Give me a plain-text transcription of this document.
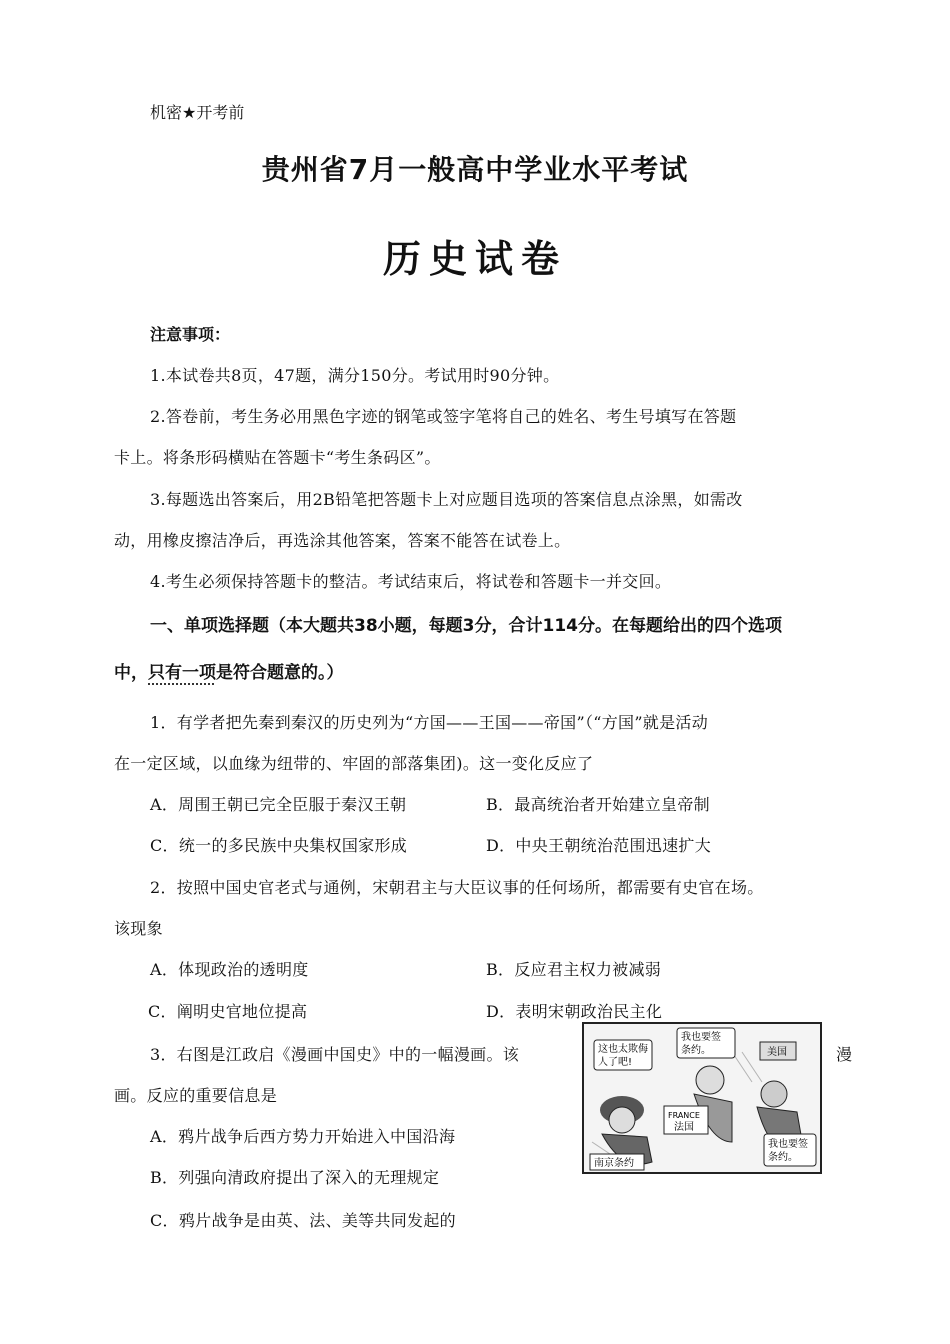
机密★开考前
贵州省7月一般高中学业水平考试
历史试卷
注意事项：
1.本试卷共8页，47题，满分150分。考试用时90分钟。
2.答卷前，考生务必用黑色字迹的钢笔或签字笔将自己的姓名、考生号填写在答题
卡上。将条形码横贴在答题卡“考生条码区”。
3.每题选出答案后，用2B铅笔把答题卡上对应题目选项的答案信息点涂黑，如需改
动，用橡皮擦洁净后，再选涂其他答案，答案不能答在试卷上。
4.考生必须保持答题卡的整洁。考试结束后，将试卷和答题卡一并交回。
一、单项选择题（本大题共38小题，每题3分，合计114分。在每题给出的四个选项
中，只有一项是符合题意的。）
1．有学者把先秦到秦汉的历史列为“方国——王国——帝国”（“方国”就是活动
在一定区域，以血缘为纽带的、牢固的部落集团)。这一变化反应了
A．周围王朝已完全臣服于秦汉王朝	B．最高统治者开始建立皇帝制
C．统一的多民族中央集权国家形成	D．中央王朝统治范围迅速扩大
2．按照中国史官老式与通例，宋朝君主与大臣议事的任何场所，都需要有史官在场。
该现象
A．体现政治的透明度	B．反应君主权力被减弱
C．阐明史官地位提高	D．表明宋朝政治民主化
3．右图是江政启《漫画中国史》中的一幅漫画。该	漫
画。反应的重要信息是
A．鸦片战争后西方势力开始进入中国沿海
B．列强向清政府提出了深入的无理规定
C．鸦片战争是由英、法、美等共同发起的
这也太欺侮
人了吧!
我也要签
条约。	美国
FRANCE
法国
南京条约
我也要签
条约。
